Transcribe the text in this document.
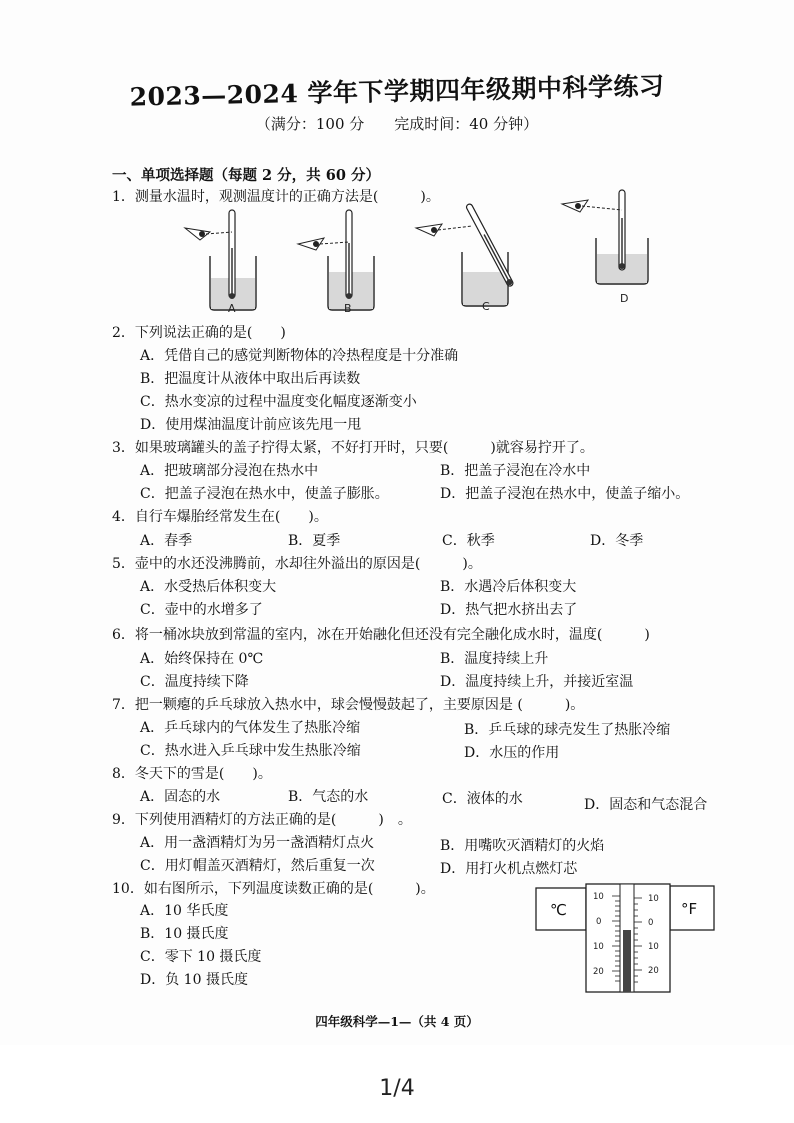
2023—2024 学年下学期四年级期中科学练习
（满分：100 分　　完成时间：40 分钟）
一、单项选择题（每题 2 分，共 60 分）
1．测量水温时，观测温度计的正确方法是(　　　)。
A	B	C
D
2．下列说法正确的是(　　)
A．凭借自己的感觉判断物体的冷热程度是十分准确
B．把温度计从液体中取出后再读数
C．热水变凉的过程中温度变化幅度逐渐变小
D．使用煤油温度计前应该先甩一甩
3．如果玻璃罐头的盖子拧得太紧，不好打开时，只要(　　　)就容易拧开了。
A．把玻璃部分浸泡在热水中	B．把盖子浸泡在冷水中
C．把盖子浸泡在热水中，使盖子膨胀。	D．把盖子浸泡在热水中，使盖子缩小。
4．自行车爆胎经常发生在(　　)。
A．春季	B．夏季	C．秋季	D．冬季
5．壶中的水还没沸腾前，水却往外溢出的原因是(　　　)。
A．水受热后体积变大	B．水遇冷后体积变大
C．壶中的水增多了	D．热气把水挤出去了
6．将一桶冰块放到常温的室内，冰在开始融化但还没有完全融化成水时，温度(　　　)
A．始终保持在 0℃	B．温度持续上升
C．温度持续下降	D．温度持续上升，并接近室温
7．把一颗瘪的乒乓球放入热水中，球会慢慢鼓起了，主要原因是 (　　　)。
A．乒乓球内的气体发生了热胀冷缩	B．乒乓球的球壳发生了热胀冷缩
C．热水进入乒乓球中发生热胀冷缩	D．水压的作用
8．冬天下的雪是(　　)。
A．固态的水	B．气态的水	C．液体的水	D．固态和气态混合
9．下列使用酒精灯的方法正确的是(　　　)　。
A．用一盏酒精灯为另一盏酒精灯点火	B．用嘴吹灭酒精灯的火焰
C．用灯帽盖灭酒精灯，然后重复一次	D．用打火机点燃灯芯
10．如右图所示，下列温度读数正确的是(　　　)。
A．10 华氏度
B．10 摄氏度
C．零下 10 摄氏度
D．负 10 摄氏度
℃	°F
10
0
10
20
10
0
10
20
四年级科学—1—（共 4 页）
1/4
